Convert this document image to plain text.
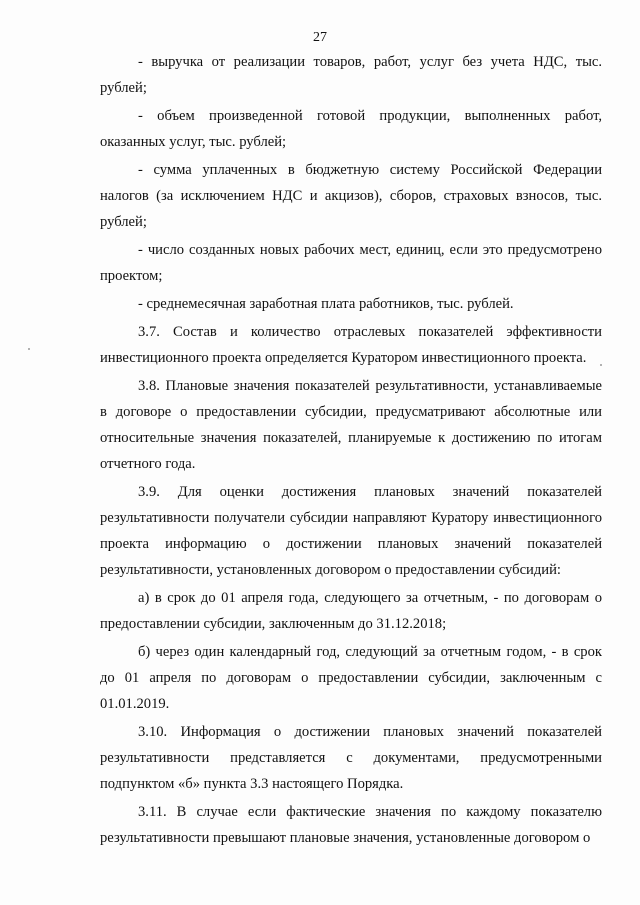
27

- выручка от реализации товаров, работ, услуг без учета НДС, тыс. рублей;

- объем произведенной готовой продукции, выполненных работ, оказанных услуг, тыс. рублей;

- сумма уплаченных в бюджетную систему Российской Федерации налогов (за исключением НДС и акцизов), сборов, страховых взносов, тыс. рублей;

- число созданных новых рабочих мест, единиц, если это предусмотрено проектом;

- среднемесячная заработная плата работников, тыс. рублей.

3.7. Состав и количество отраслевых показателей эффективности инвестиционного проекта определяется Куратором инвестиционного проекта.

3.8. Плановые значения показателей результативности, устанавливаемые в договоре о предоставлении субсидии, предусматривают абсолютные или относительные значения показателей, планируемые к достижению по итогам отчетного года.

3.9. Для оценки достижения плановых значений показателей результативности получатели субсидии направляют Куратору инвестиционного проекта информацию о достижении плановых значений показателей результативности, установленных договором о предоставлении субсидий:

а) в срок до 01 апреля года, следующего за отчетным, - по договорам о предоставлении субсидии, заключенным до 31.12.2018;

б) через один календарный год, следующий за отчетным годом, - в срок до 01 апреля по договорам о предоставлении субсидии, заключенным с 01.01.2019.

3.10. Информация о достижении плановых значений показателей результативности представляется с документами, предусмотренными подпунктом «б» пункта 3.3 настоящего Порядка.

3.11. В случае если фактические значения по каждому показателю результативности превышают плановые значения, установленные договором о
